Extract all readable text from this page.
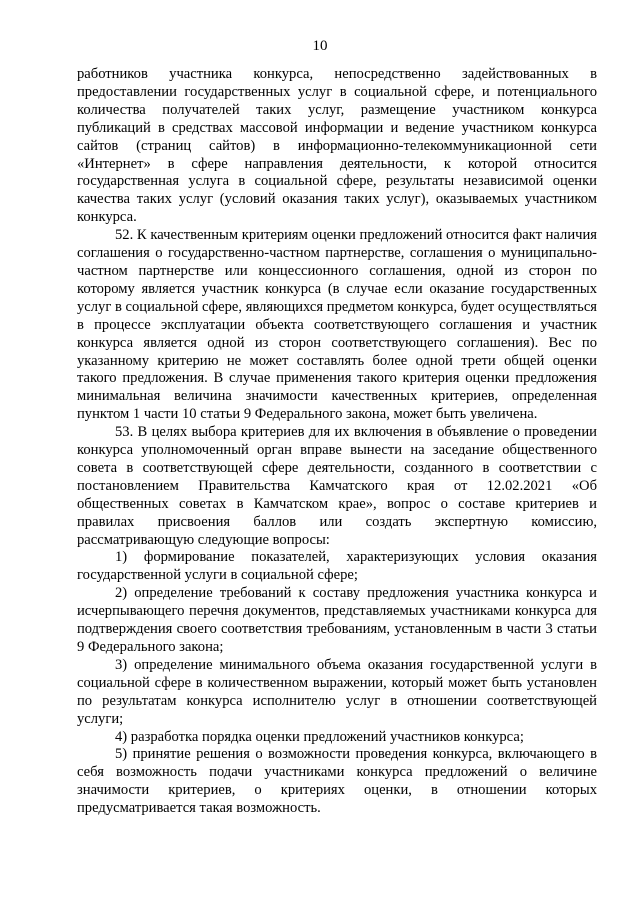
10

работников участника конкурса, непосредственно задействованных в предоставлении государственных услуг в социальной сфере, и потенциального количества получателей таких услуг, размещение участником конкурса публикаций в средствах массовой информации и ведение участником конкурса сайтов (страниц сайтов) в информационно-телекоммуникационной сети «Интернет» в сфере направления деятельности, к которой относится государственная услуга в социальной сфере, результаты независимой оценки качества таких услуг (условий оказания таких услуг), оказываемых участником конкурса.

52. К качественным критериям оценки предложений относится факт наличия соглашения о государственно-частном партнерстве, соглашения о муниципально-частном партнерстве или концессионного соглашения, одной из сторон по которому является участник конкурса (в случае если оказание государственных услуг в социальной сфере, являющихся предметом конкурса, будет осуществляться в процессе эксплуатации объекта соответствующего соглашения и участник конкурса является одной из сторон соответствующего соглашения). Вес по указанному критерию не может составлять более одной трети общей оценки такого предложения. В случае применения такого критерия оценки предложения минимальная величина значимости качественных критериев, определенная пунктом 1 части 10 статьи 9 Федерального закона, может быть увеличена.

53. В целях выбора критериев для их включения в объявление о проведении конкурса уполномоченный орган вправе вынести на заседание общественного совета в соответствующей сфере деятельности, созданного в соответствии с постановлением Правительства Камчатского края от 12.02.2021 «Об общественных советах в Камчатском крае», вопрос о составе критериев и правилах присвоения баллов или создать экспертную комиссию, рассматривающую следующие вопросы:

1) формирование показателей, характеризующих условия оказания государственной услуги в социальной сфере;

2) определение требований к составу предложения участника конкурса и исчерпывающего перечня документов, представляемых участниками конкурса для подтверждения своего соответствия требованиям, установленным в части 3 статьи 9 Федерального закона;

3) определение минимального объема оказания государственной услуги в социальной сфере в количественном выражении, который может быть установлен по результатам конкурса исполнителю услуг в отношении соответствующей услуги;

4) разработка порядка оценки предложений участников конкурса;

5) принятие решения о возможности проведения конкурса, включающего в себя возможность подачи участниками конкурса предложений о величине значимости критериев, о критериях оценки, в отношении которых предусматривается такая возможность.
